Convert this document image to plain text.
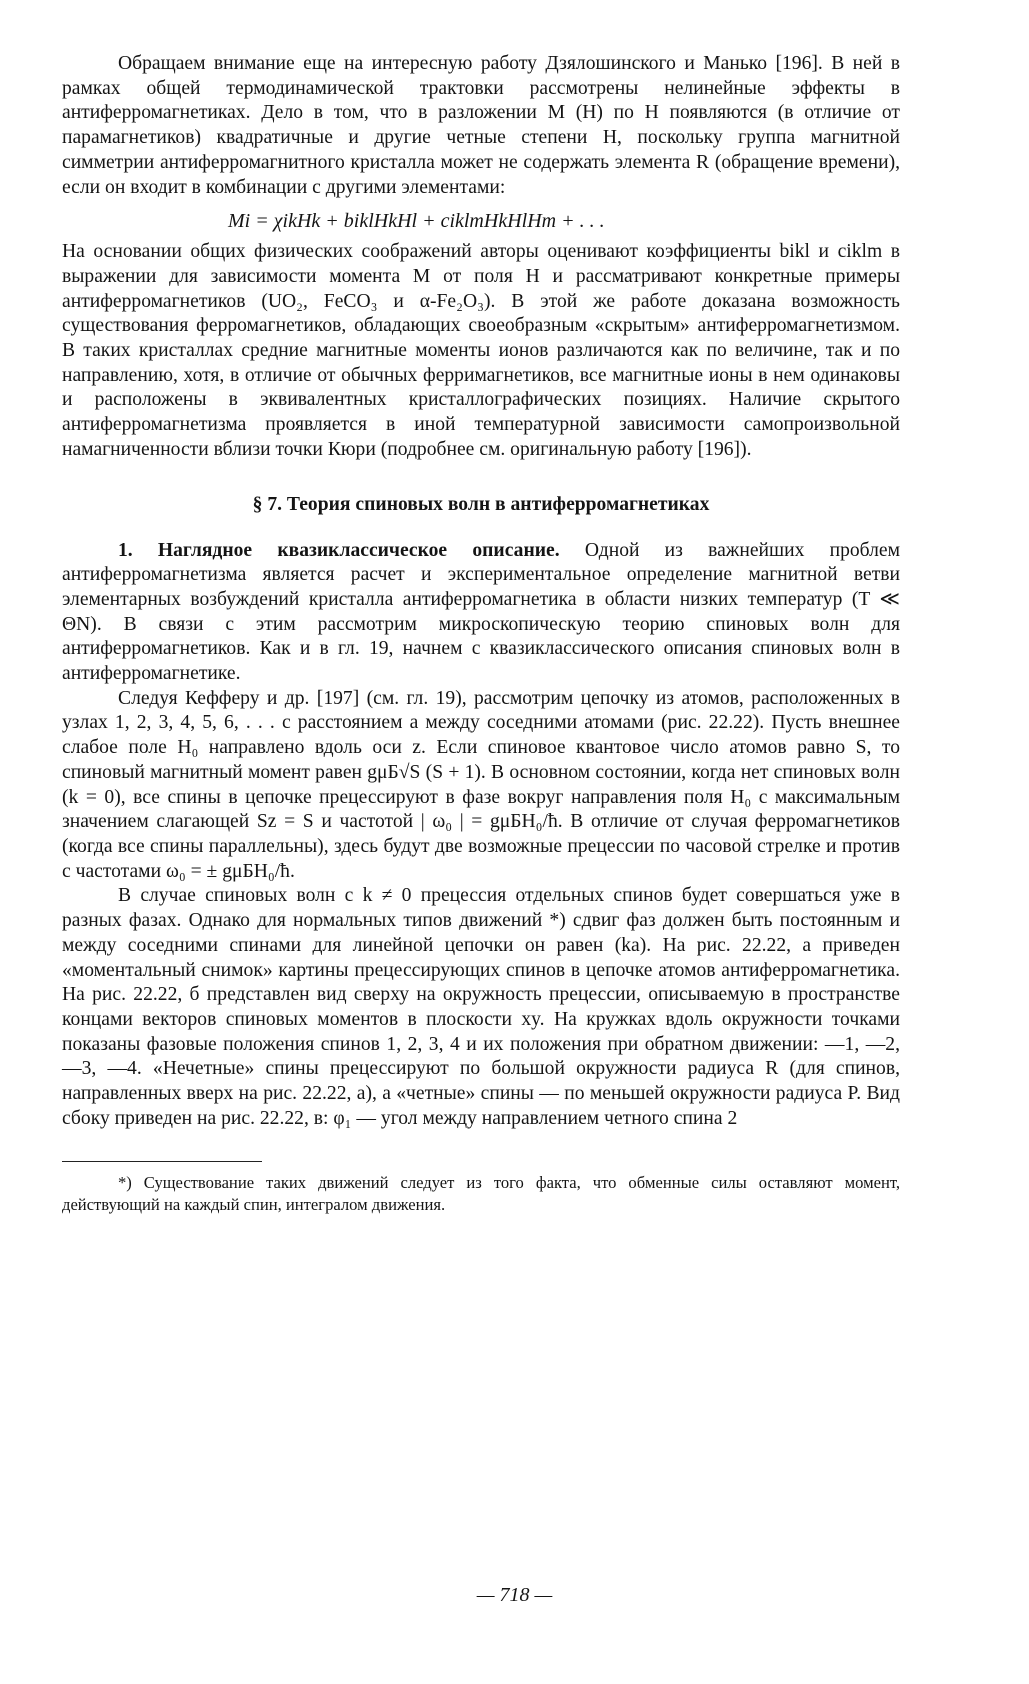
Обращаем внимание еще на интересную работу Дзялошинского и Манько [196]. В ней в рамках общей термодинамической трактовки рассмотрены нелинейные эффекты в антиферромагнетиках. Дело в том, что в разложении M (H) по H появляются (в отличие от парамагнетиков) квадратичные и другие четные степени H, поскольку группа магнитной симметрии антиферромагнитного кристалла может не содержать элемента R (обращение времени), если он входит в комбинации с другими элементами:

Mi = χikHk + biklHkHl + ciklmHkHlHm + . . .

На основании общих физических соображений авторы оценивают коэффициенты bikl и ciklm в выражении для зависимости момента M от поля H и рассматривают конкретные примеры антиферромагнетиков (UO₂, FeCO₃ и α-Fe₂O₃). В этой же работе доказана возможность существования ферромагнетиков, обладающих своеобразным «скрытым» антиферромагнетизмом. В таких кристаллах средние магнитные моменты ионов различаются как по величине, так и по направлению, хотя, в отличие от обычных ферримагнетиков, все магнитные ионы в нем одинаковы и расположены в эквивалентных кристаллографических позициях. Наличие скрытого антиферромагнетизма проявляется в иной температурной зависимости самопроизвольной намагниченности вблизи точки Кюри (подробнее см. оригинальную работу [196]).

§ 7. Теория спиновых волн в антиферромагнетиках

1. Наглядное квазиклассическое описание. Одной из важнейших проблем антиферромагнетизма является расчет и экспериментальное определение магнитной ветви элементарных возбуждений кристалла антиферромагнетика в области низких температур (T ≪ ΘN). В связи с этим рассмотрим микроскопическую теорию спиновых волн для антиферромагнетиков. Как и в гл. 19, начнем с квазиклассического описания спиновых волн в антиферромагнетике.

Следуя Кефферу и др. [197] (см. гл. 19), рассмотрим цепочку из атомов, расположенных в узлах 1, 2, 3, 4, 5, 6, . . . с расстоянием a между соседними атомами (рис. 22.22). Пусть внешнее слабое поле H₀ направлено вдоль оси z. Если спиновое квантовое число атомов равно S, то спиновый магнитный момент равен gμБ√S (S + 1). В основном состоянии, когда нет спиновых волн (k = 0), все спины в цепочке прецессируют в фазе вокруг направления поля H₀ с максимальным значением слагающей Sz = S и частотой | ω₀ | = gμБH₀/ħ. В отличие от случая ферромагнетиков (когда все спины параллельны), здесь будут две возможные прецессии по часовой стрелке и против с частотами ω₀ = ± gμБH₀/ħ.

В случае спиновых волн с k ≠ 0 прецессия отдельных спинов будет совершаться уже в разных фазах. Однако для нормальных типов движений *) сдвиг фаз должен быть постоянным и между соседними спинами для линейной цепочки он равен (ka). На рис. 22.22, а приведен «моментальный снимок» картины прецессирующих спинов в цепочке атомов антиферромагнетика. На рис. 22.22, б представлен вид сверху на окружность прецессии, описываемую в пространстве концами векторов спиновых моментов в плоскости xy. На кружках вдоль окружности точками показаны фазовые положения спинов 1, 2, 3, 4 и их положения при обратном движении: —1, —2, —3, —4. «Нечетные» спины прецессируют по большой окружности радиуса R (для спинов, направленных вверх на рис. 22.22, а), а «четные» спины — по меньшей окружности радиуса P. Вид сбоку приведен на рис. 22.22, в: φ₁ — угол между направлением четного спина 2

*) Существование таких движений следует из того факта, что обменные силы оставляют момент, действующий на каждый спин, интегралом движения.

— 718 —
